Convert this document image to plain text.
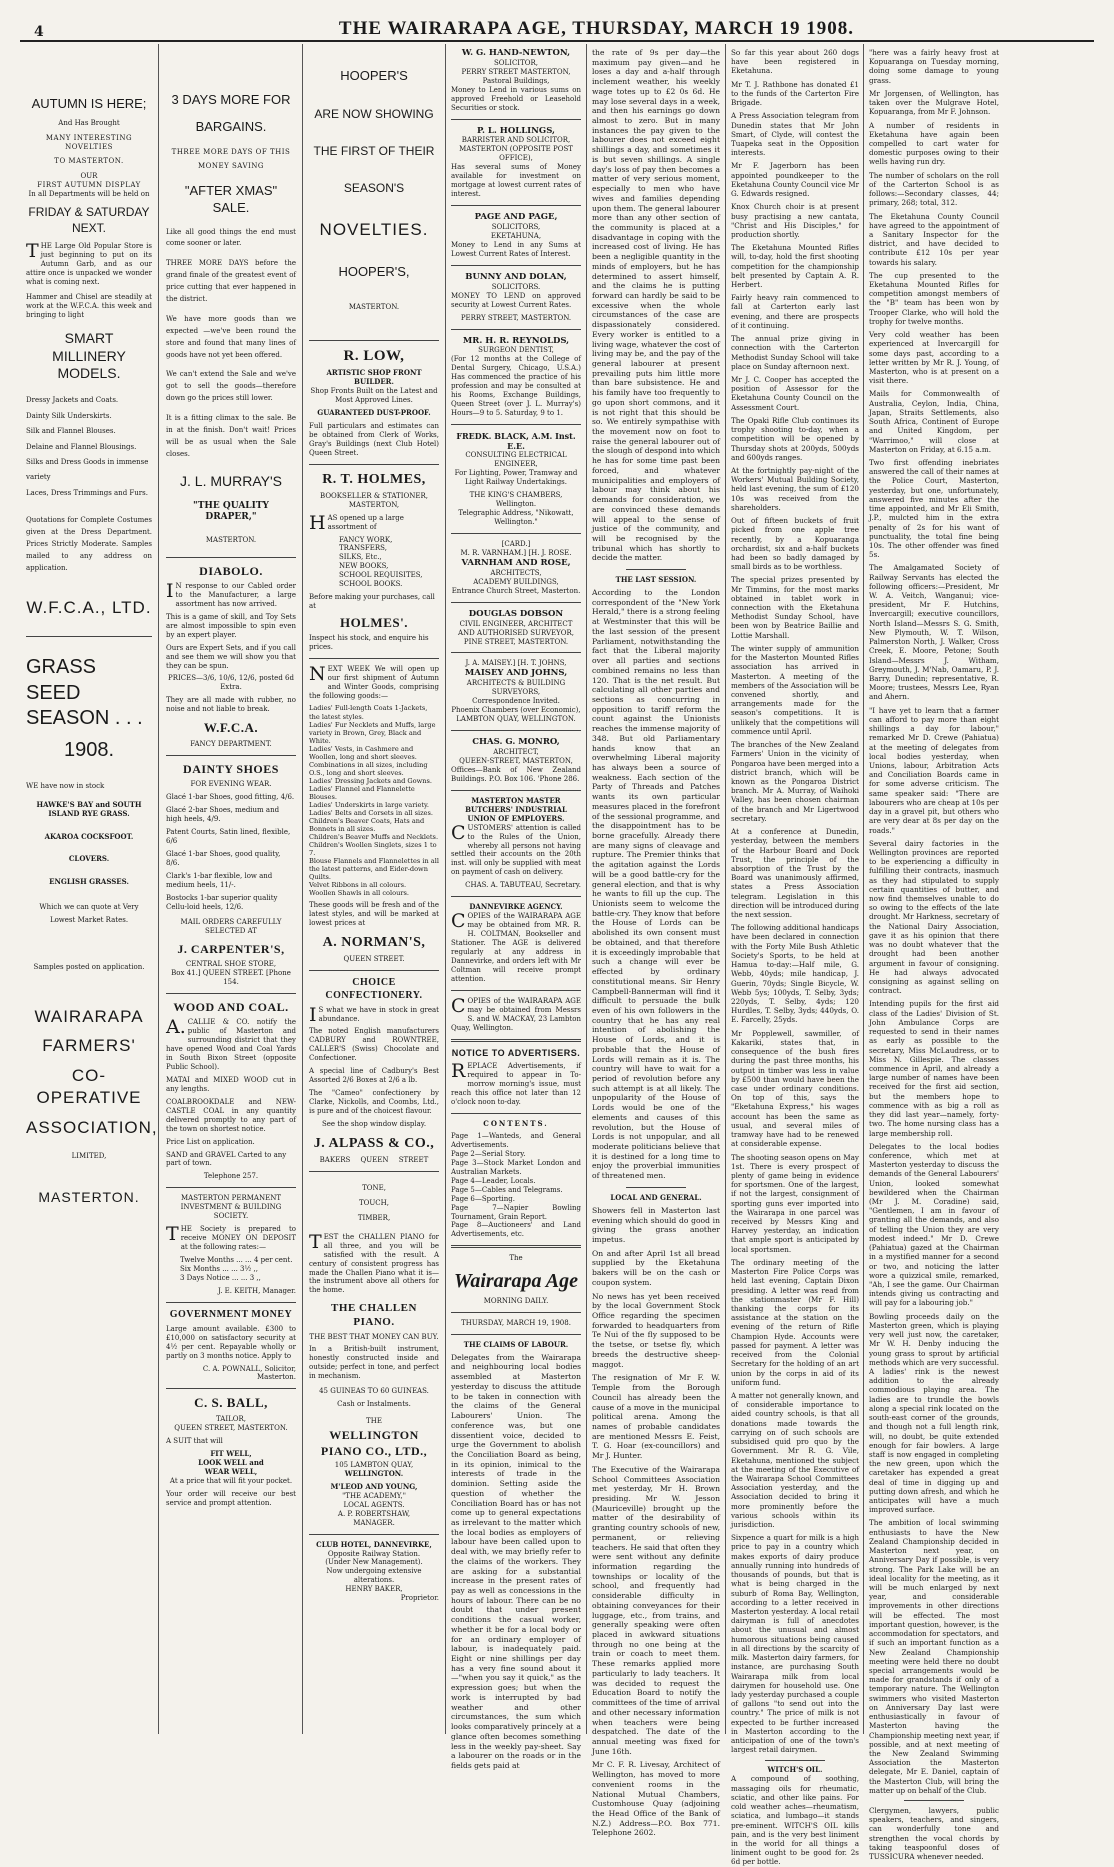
4	THE WAIRARAPA AGE, THURSDAY, MARCH 19 1908.
AUTUMN IS HERE;
And Has Brought
MANY INTERESTING NOVELTIES
TO MASTERTON.
OUR
FIRST AUTUMN DISPLAY
In all Departments will be held on
FRIDAY & SATURDAY NEXT.

THE Large Old Popular Store is just beginning to put on its Autumn Garb, and as our attire once is unpacked we wonder what is coming next.

Hammer and Chisel are steadily at work at the W.F.C.A. this week and bringing to light

SMART MILLINERY MODELS.
Dressy Jackets and Coats.
Dainty Silk Underskirts.
Silk and Flannel Blouses.
Delaine and Flannel Blousings.
Silks and Dress Goods in immense variety
Laces, Dress Trimmings and Furs.

Quotations for Complete Costumes given at the Dress Department. Prices Strictly Moderate. Samples mailed to any address on application.

W.F.C.A., LTD.
GRASS SEED SEASON . . .
1908.

WE have now in stock

HAWKE'S BAY and SOUTH ISLAND RYE GRASS.
AKAROA COCKSFOOT.
CLOVERS.
ENGLISH GRASSES.

Which we can quote at Very Lowest Market Rates.

Samples posted on application.
WAIRARAPA
FARMERS'
CO-OPERATIVE
ASSOCIATION,
LIMITED,
MASTERTON.
3 DAYS MORE FOR
BARGAINS.
THREE MORE DAYS OF THIS MONEY SAVING
"AFTER XMAS" SALE.

Like all good things the end must come sooner or later.

THREE MORE DAYS before the grand finale of the greatest event of price cutting that ever happened in the district.

We have more goods than we expected —we've been round the store and found that many lines of goods have not yet been offered.

We can't extend the Sale and we've got to sell the goods—therefore down go the prices still lower.

It is a fitting climax to the sale. Be in at the finish. Don't wait! Prices will be as usual when the Sale closes.

J. L. MURRAY'S
"THE QUALITY DRAPER,"
MASTERTON.
DIABOLO.

IN response to our Cabled order to the Manufacturer, a large assortment has now arrived.

This is a game of skill, and Toy Sets are almost impossible to spin even by an expert player.

Ours are Expert Sets, and if you call and see them we will show you that they can be spun.

PRICES—3/6, 10/6, 12/6, posted 6d Extra.

They are all made with rubber, no noise and not liable to break.

W.F.C.A.
FANCY DEPARTMENT.
DAINTY SHOES
FOR EVENING WEAR.

Glacé 1-bar Shoes, good fitting, 4/6.

Glacé 2-bar Shoes, medium and high heels, 4/9.

Patent Courts, Satin lined, flexible, 6/6

Glacé 1-bar Shoes, good quality, 8/6.

Clark's 1-bar flexible, low and medium heels, 11/-.

Bostocks 1-bar superior quality Cellu-loid heels, 12/6.

MAIL ORDERS CAREFULLY SELECTED AT
J. CARPENTER'S,
CENTRAL SHOE STORE,
Box 41.] QUEEN STREET. [Phone 154.
WOOD AND COAL.

A.CALLIE & CO. notify the public of Masterton and surrounding district that they have opened Wood and Coal Yards in South Bixon Street (opposite Public School).

MATAI and MIXED WOOD cut in any lengths.

COALBROOKDALE and NEW-CASTLE COAL in any quantity delivered promptly to any part of the town on shortest notice.

Price List on application.

SAND and GRAVEL Carted to any part of town.

Telephone 257.

MASTERTON PERMANENT INVESTMENT & BUILDING SOCIETY.

THE Society is prepared to receive MONEY ON DEPOSIT at the following rates:—

Twelve Months ... ... 4 per cent.
Six Months ... ... 3½ ,,
3 Days Notice ... ... 3 ,,
J. E. KEITH, Manager.
GOVERNMENT MONEY

Large amount available. £300 to £10,000 on satisfactory security at 4½ per cent. Repayable wholly or partly on 3 months notice. Apply to

C. A. POWNALL, Solicitor, Masterton.
C. S. BALL,
TAILOR,
QUEEN STREET, MASTERTON.

A SUIT that will

FIT WELL,
LOOK WELL and
WEAR WELL,

At a price that will fit your pocket.

Your order will receive our best service and prompt attention.

HOOPER'S
ARE NOW SHOWING
THE FIRST OF THEIR
SEASON'S
NOVELTIES.
HOOPER'S,
MASTERTON.
R. LOW,
ARTISTIC SHOP FRONT BUILDER.

Shop Fronts Built on the Latest and Most Approved Lines.

GUARANTEED DUST-PROOF.

Full particulars and estimates can be obtained from Clerk of Works, Gray's Buildings (next Club Hotel) Queen Street.

R. T. HOLMES,
BOOKSELLER & STATIONER,
MASTERTON,

HAS opened up a large assortment of

FANCY WORK,
TRANSFERS,
SILKS, Etc.,
NEW BOOKS,
SCHOOL REQUISITES,
SCHOOL BOOKS.

Before making your purchases, call at

HOLMES'.

Inspect his stock, and enquire his prices.

NEXT WEEK We will open up our first shipment of Autumn and Winter Goods, comprising the following goods:—

Ladies' Full-length Coats 1-Jackets, the latest styles.
Ladies' Fur Necklets and Muffs, large variety in Brown, Grey, Black and White.
Ladies' Vests, in Cashmere and Woollen, long and short sleeves.
Combinations in all sizes, including O.S., long and short sleeves.
Ladies' Dressing Jackets and Gowns.
Ladies' Flannel and Flannelette Blouses.
Ladies' Underskirts in large variety.
Ladies' Belts and Corsets in all sizes.
Children's Beaver Coats, Hats and Bonnets in all sizes.
Children's Beaver Muffs and Necklets.
Children's Woollen Singlets, sizes 1 to 7.
Blouse Flannels and Flannelettes in all the latest patterns, and Eider-down Quilts.
Velvet Ribbons in all colours.
Woollen Shawls in all colours.

These goods will be fresh and of the latest styles, and will be marked at lowest prices at

A. NORMAN'S,
QUEEN STREET.
CHOICE CONFECTIONERY.

IS what we have in stock in great abundance.

The noted English manufacturers CADBURY and ROWNTREE, CALLER'S (Swiss) Chocolate and Confectioner.

A special line of Cadbury's Best Assorted 2/6 Boxes at 2/6 a lb.

The "Cameo" confectionery by Clarke, Nickolls, and Coombs, Ltd., is pure and of the choicest flavour.

See the shop window display.

J. ALPASS & CO.,
BAKERS QUEEN STREET
TONE,
TOUCH,
TIMBER,

TEST the CHALLEN PIANO for all three, and you will be satisfied with the result. A century of consistent progress has made the Challen Piano what it is—the instrument above all others for the home.

THE CHALLEN PIANO.
THE BEST THAT MONEY CAN BUY.

In a British-built instrument, honestly constructed inside and outside; perfect in tone, and perfect in mechanism.

45 GUINEAS TO 60 GUINEAS.
Cash or Instalments.
THE
WELLINGTON PIANO CO., LTD.,
105 LAMBTON QUAY,
WELLINGTON.
M'LEOD AND YOUNG,
"THE ACADEMY,"
LOCAL AGENTS.
A. P. ROBERTSHAW,
MANAGER.
CLUB HOTEL, DANNEVIRKE,
Opposite Railway Station.
(Under New Management).
Now undergoing extensive alterations.
HENRY BAKER,
Proprietor.
W. G. HAND-NEWTON,
SOLICITOR,
PERRY STREET MASTERTON,
Pastoral Buildings,

Money to Lend in various sums on approved Freehold or Leasehold Securities or stock.

P. L. HOLLINGS,
BARRISTER AND SOLICITOR,
MASTERTON (OPPOSITE POST OFFICE),

Has several sums of Money available for investment on mortgage at lowest current rates of interest.

PAGE AND PAGE,
SOLICITORS,
EKETAHUNA,

Money to Lend in any Sums at Lowest Current Rates of Interest.

BUNNY AND DOLAN,
SOLICITORS.

MONEY TO LEND on approved security at Lowest Current Rates.

PERRY STREET, MASTERTON.
MR. H. R. REYNOLDS,
SURGEON DENTIST,

(For 12 months at the College of Dental Surgery, Chicago, U.S.A.) Has commenced the practice of his profession and may be consulted at his Rooms, Exchange Buildings, Queen Street (over J. L. Murray's) Hours—9 to 5. Saturday, 9 to 1.

FREDK. BLACK, A.M. Inst. E.E.
CONSULTING ELECTRICAL ENGINEER,

For Lighting, Power, Tramway and Light Railway Undertakings.

THE KING'S CHAMBERS,
Wellington.

Telegraphic Address, "Nikowatt, Wellington."

[CARD.]
M. R. VARNHAM.] [H. J. ROSE.
VARNHAM AND ROSE,
ARCHITECTS,
ACADEMY BUILDINGS,
Entrance Church Street, Masterton.
DOUGLAS DOBSON
CIVIL ENGINEER, ARCHITECT AND AUTHORISED SURVEYOR,
PINE STREET, MASTERTON.
J. A. MAISEY.] [H. T. JOHNS,
MAISEY AND JOHNS,
ARCHITECTS & BUILDING SURVEYORS,
Correspondence Invited.
Phoenix Chambers (over Economic),
LAMBTON QUAY, WELLINGTON.
CHAS. G. MONRO,
ARCHITECT,
QUEEN-STREET, MASTERTON,

Offices—Bank of New Zealand Buildings. P.O. Box 106. 'Phone 286.

MASTERTON MASTER BUTCHERS' INDUSTRIAL UNION OF EMPLOYERS.

CUSTOMERS' attention is called to the Rules of the Union, whereby all persons not having settled their accounts on the 20th inst. will only be supplied with meat on payment of cash on delivery.

CHAS. A. TABUTEAU, Secretary.
DANNEVIRKE AGENCY.

COPIES of the WAIRARAPA AGE may be obtained from MR. R. H. COLTMAN, Bookseller and Stationer. The AGE is delivered regularly at any address in Dannevirke, and orders left with Mr Coltman will receive prompt attention.

COPIES of the WAIRARAPA AGE may be obtained from Messrs S. and W. MACKAY, 23 Lambton Quay, Wellington.

NOTICE TO ADVERTISERS.

REPLACE Advertisements, if required to appear in To-morrow morning's issue, must reach this office not later than 12 o'clock noon to-day.

CONTENTS.
Page 1—Wanteds, and General Advertisements.
Page 2—Serial Story.
Page 3—Stock Market London and Australian Markets.
Page 4—Leader, Locals.
Page 5—Cables and Telegrams.
Page 6—Sporting.
Page 7—Napier Bowling Tournament, Grain Report.
Page 8—Auctioneers' and Land Advertisements, etc.
The
Wairarapa Age
MORNING DAILY.
THURSDAY, MARCH 19, 1908.
THE CLAIMS OF LABOUR.

Delegates from the Wairarapa and neighbouring local bodies assembled at Masterton yesterday to discuss the attitude to be taken in connection with the claims of the General Labourers' Union. The conference was, but one dissentient voice, decided to urge the Government to abolish the Conciliation Board as being, in its opinion, inimical to the interests of trade in the dominion. Setting aside the question of whether the Conciliation Board has or has not come up to general expectations as irrelevant to the matter which the local bodies as employers of labour have been called upon to deal with, we may briefly refer to the claims of the workers. They are asking for a substantial increase in the present rates of pay as well as concessions in the hours of labour. There can be no doubt that under present conditions the casual worker, whether it be for a local body or for an ordinary employer of labour, is inadequately paid. Eight or nine shillings per day has a very fine sound about it—"when you say it quick," as the expression goes; but when the work is interrupted by bad weather and other circumstances, the sum which looks comparatively princely at a glance often becomes something less in the weekly pay-sheet. Say a labourer on the roads or in the fields gets paid at

the rate of 9s per day—the maximum pay given—and he loses a day and a-half through inclement weather, his weekly wage totes up to £2 0s 6d. He may lose several days in a week, and then his earnings go down almost to zero. But in many instances the pay given to the labourer does not exceed eight shillings a day, and sometimes it is but seven shillings. A single day's loss of pay then becomes a matter of very serious moment, especially to men who have wives and families depending upon them. The general labourer more than any other section of the community is placed at a disadvantage in coping with the increased cost of living. He has been a negligible quantity in the minds of employers, but he has determined to assert himself, and the claims he is putting forward can hardly be said to be excessive when the whole circumstances of the case are dispassionately considered. Every worker is entitled to a living wage, whatever the cost of living may be, and the pay of the general labourer at present prevailing puts him little more than bare subsistence. He and his family have too frequently to go upon short commons, and it is not right that this should be so. We entirely sympathise with the movement now on foot to raise the general labourer out of the slough of despond into which he has for some time past been forced, and whatever municipalities and employers of labour may think about his demands for consideration, we are convinced these demands will appeal to the sense of justice of the community, and will be recognised by the tribunal which has shortly to decide the matter.

THE LAST SESSION.

According to the London correspondent of the "New York Herald," there is a strong feeling at Westminster that this will be the last session of the present Parliament, notwithstanding the fact that the Liberal majority over all parties and sections combined remains no less than 120. That is the net result. But calculating all other parties and sections as concurring in opposition to tariff reform the count against the Unionists reaches the immense majority of 348. But old Parliamentary hands know that an overwhelming Liberal majority has always been a source of weakness. Each section of the Party of Threads and Patches wants its own particular measures placed in the forefront of the sessional programme, and the disappointment has to be borne gracefully. Already there are many signs of cleavage and rupture. The Premier thinks that the agitation against the Lords will be a good battle-cry for the general election, and that is why he wants to fill up the cup. The Unionists seem to welcome the battle-cry. They know that before the House of Lords can be abolished its own consent must be obtained, and that therefore it is exceedingly improbable that such a change will ever be effected by ordinary constitutional means. Sir Henry Campbell-Bannerman will find it difficult to persuade the bulk even of his own followers in the country that he has any real intention of abolishing the House of Lords, and it is probable that the House of Lords will remain as it is. The country will have to wait for a period of revolution before any such attempt is at all likely. The unpopularity of the House of Lords would be one of the elements and causes of this revolution, but the House of Lords is not unpopular, and all moderate politicians believe that it is destined for a long time to enjoy the proverbial immunities of threatened men.

LOCAL AND GENERAL.

Showers fell in Masterton last evening which should do good in giving the grass another impetus.

On and after April 1st all bread supplied by the Eketahuna bakers will be on the cash or coupon system.

No news has yet been received by the local Government Stock Office regarding the specimen forwarded to headquarters from Te Nui of the fly supposed to be the tsetse, or tsetse fly, which breeds the destructive sheep-maggot.

The resignation of Mr F. W. Temple from the Borough Council has already been the cause of a move in the municipal political arena. Among the names of probable candidates are mentioned Messrs E. Feist, T. G. Hoar (ex-councillors) and Mr J. Hunter.

The Executive of the Wairarapa School Committees Association met yesterday, Mr H. Brown presiding. Mr W. Jesson (Mauriceville) brought up the matter of the desirability of granting country schools of new, permanent, or relieving teachers. He said that often they were sent without any definite information regarding the townships or locality of the school, and frequently had considerable difficulty in obtaining conveyances for their luggage, etc., from trains, and generally speaking were often placed in awkward situations through no one being at the train or coach to meet them. These remarks applied more particularly to lady teachers. It was decided to request the Education Board to notify the committees of the time of arrival and other necessary information when teachers were being despatched. The date of the annual meeting was fixed for June 16th.

Mr C. F. R. Livesay, Architect of Wellington, has moved to more convenient rooms in the National Mutual Chambers, Customhouse Quay (adjoining the Head Office of the Bank of N.Z.) Address—P.O. Box 771. Telephone 2602.

So far this year about 260 dogs have been registered in Eketahuna.

Mr T. J. Rathbone has donated £1 to the funds of the Carterton Fire Brigade.

A Press Association telegram from Dunedin states that Mr John Smart, of Clyde, will contest the Tuapeka seat in the Opposition interests.

Mr F. Jagerborn has been appointed poundkeeper to the Eketahuna County Council vice Mr G. Edwards resigned.

Knox Church choir is at present busy practising a new cantata, "Christ and His Disciples," for production shortly.

The Eketahuna Mounted Rifles will, to-day, hold the first shooting competition for the championship belt presented by Captain A. R. Herbert.

Fairly heavy rain commenced to fall at Carterton early last evening, and there are prospects of it continuing.

The annual prize giving in connection with the Carterton Methodist Sunday School will take place on Sunday afternoon next.

Mr J. C. Cooper has accepted the position of Assessor for the Eketahuna County Council on the Assessment Court.

The Opaki Rifle Club continues its trophy shooting to-day, when a competition will be opened by Thursday shots at 200yds, 500yds and 600yds ranges.

At the fortnightly pay-night of the Workers' Mutual Building Society, held last evening, the sum of £120 10s was received from the shareholders.

Out of fifteen buckets of fruit picked from one apple tree recently, by a Kopuaranga orchardist, six and a-half buckets had been so badly damaged by small birds as to be worthless.

The special prizes presented by Mr Timmins, for the most marks obtained in tablet work in connection with the Eketahuna Methodist Sunday School, have been won by Beatrice Baillie and Lottie Marshall.

The winter supply of ammunition for the Masterton Mounted Rifles association has arrived in Masterton. A meeting of the members of the Association will be convened shortly, and arrangements made for the season's competitions. It is unlikely that the competitions will commence until April.

The branches of the New Zealand Farmers' Union in the vicinity of Pongaroa have been merged into a district branch, which will be known as the Pongaroa District branch. Mr A. Murray, of Waihoki Valley, has been chosen chairman of the branch and Mr Ligertwood secretary.

At a conference at Dunedin, yesterday, between the members of the Harbour Board and Dock Trust, the principle of the absorption of the Trust by the Board was unanimously affirmed, states a Press Association telegram. Legislation in this direction will be introduced during the next session.

The following additional handicaps have been declared in connection with the Forty Mile Bush Athletic Society's Sports, to be held at Hamua to-day:—Half mile, G. Webb, 40yds; mile handicap, J. Guerin, 70yds; Single Bicycle, W. Webb 5ys; 100yds, T. Selby, 3yds; 220yds, T. Selby, 4yds; 120 Hurdles, T. Selby, 3yds; 440yds, O. E. Farcelly, 25yds.

Mr Popplewell, sawmiller, of Kakariki, states that, in consequence of the bush fires during the past three months, his output in timber was less in value by £500 than would have been the case under ordinary conditions. On top of this, says the "Eketahuna Express," his wages account has been the same as usual, and several miles of tramway have had to be renewed at considerable expense.

The shooting season opens on May 1st. There is every prospect of plenty of game being in evidence for sportsmen. One of the largest, if not the largest, consignment of sporting guns ever imported into the Wairarapa in one parcel was received by Messrs King and Harvey yesterday, an indication that ample sport is anticipated by local sportsmen.

The ordinary meeting of the Masterton Fire Police Corps was held last evening, Captain Dixon presiding. A letter was read from the stationmaster (Mr F. Hill) thanking the corps for its assistance at the station on the evening of the return of Rifle Champion Hyde. Accounts were passed for payment. A letter was received from the Colonial Secretary for the holding of an art union by the corps in aid of its uniform fund.

A matter not generally known, and of considerable importance to aided country schools, is that all donations made towards the carrying on of such schools are subsidised quid pro quo by the Government. Mr R. G. Vile, Eketahuna, mentioned the subject at the meeting of the Executive of the Wairarapa School Committees Association yesterday, and the Association decided to bring it more prominently before the various schools within its jurisdiction.

Sixpence a quart for milk is a high price to pay in a country which makes exports of dairy produce annually running into hundreds of thousands of pounds, but that is what is being charged in the suburb of Roma Bay, Wellington, according to a letter received in Masterton yesterday. A local retail dairyman is full of anecdotes about the unusual and almost humorous situations being caused in all directions by the scarcity of milk. Masterton dairy farmers, for instance, are purchasing South Wairarapa milk from local dairymen for household use. One lady yesterday purchased a couple of gallons "to send out into the country." The price of milk is not expected to be further increased in Masterton according to the anticipation of one of the town's largest retail dairymen.

WITCH'S OIL.

A compound of soothing, massaging oils for rheumatic, sciatic, and other like pains. For cold weather aches—rheumatism, sciatica, and lumbago—it stands pre-eminent. WITCH'S OIL kills pain, and is the very best liniment in the world for all things a liniment ought to be good for. 2s 6d per bottle.

"here was a fairly heavy frost at Kopuaranga on Tuesday morning, doing some damage to young grass.

Mr Jorgensen, of Wellington, has taken over the Mulgrave Hotel, Kopuaranga, from Mr F. Johnson.

A number of residents in Eketahuna have again been compelled to cart water for domestic purposes owing to their wells having run dry.

The number of scholars on the roll of the Carterton School is as follows:—Secondary classes, 44; primary, 268; total, 312.

The Eketahuna County Council have agreed to the appointment of a Sanitary Inspector for the district, and have decided to contribute £12 10s per year towards his salary.

The cup presented to the Eketahuna Mounted Rifles for competition amongst members of the "B" team has been won by Trooper Clarke, who will hold the trophy for twelve months.

Very cold weather has been experienced at Invercargill for some days past, according to a letter written by Mr R. J. Young, of Masterton, who is at present on a visit there.

Mails for Commonwealth of Australia, Ceylon, India, China, Japan, Straits Settlements, also South Africa, Continent of Europe and United Kingdom, per "Warrimoo," will close at Masterton on Friday, at 6.15 a.m.

Two first offending inebriates answered the call of their names at the Police Court, Masterton, yesterday, but one, unfortunately, answered five minutes after the time appointed, and Mr Eli Smith, J.P., mulcted him in the extra penalty of 2s for his want of punctuality, the total fine being 10s. The other offender was fined 5s.

The Amalgamated Society of Railway Servants has elected the following officers:—President, Mr W. A. Veitch, Wanganui; vice-president, Mr F. Hutchins, Invercargill; executive councillors, North Island—Messrs S. G. Smith, New Plymouth, W. T. Wilson, Palmerston North, J. Walker, Cross Creek, E. Moore, Petone; South Island—Messrs J. Witham, Greymouth, J. M'Nab, Oamaru, P. J. Barry, Dunedin; representative, R. Moore; trustees, Messrs Lee, Ryan and Ahern.

"I have yet to learn that a farmer can afford to pay more than eight shillings a day for labour," remarked Mr D. Crewe (Pahiatua) at the meeting of delegates from local bodies yesterday, when Unions, labour, Arbitration Acts and Conciliation Boards came in for some adverse criticism. The same speaker said: "There are labourers who are cheap at 10s per day in a gravel pit, but others who are very dear at 8s per day on the roads."

Several dairy factories in the Wellington provinces are reported to be experiencing a difficulty in fulfilling their contracts, inasmuch as they had stipulated to supply certain quantities of butter, and now find themselves unable to do so owing to the effects of the late drought. Mr Harkness, secretary of the National Dairy Association, gave it as his opinion that there was no doubt whatever that the drought had been another argument in favour of consigning. He had always advocated consigning as against selling on contract.

Intending pupils for the first aid class of the Ladies' Division of St. John Ambulance Corps are requested to send in their names as early as possible to the secretary, Miss McLaudress, or to Miss N. Gillespie. The classes commence in April, and already a large number of names have been received for the first aid section, but the members hope to commence with as big a roll as they did last year—namely, forty-two. The home nursing class has a large membership roll.

Delegates to the local bodies conference, which met at Masterton yesterday to discuss the demands of the General Labourers' Union, looked somewhat bewildered when the Chairman (Mr J. M. Coradine) said, "Gentlemen, I am in favour of granting all the demands, and also of telling the Union they are very modest indeed." Mr D. Crewe (Pahiatua) gazed at the Chairman in a mystified manner for a second or two, and noticing the latter wore a quizzical smile, remarked, "Ah, I see the game. Our Chairman intends giving us contracting and will pay for a labouring job."

Bowling proceeds daily on the Masterton green, which is playing very well just now, the caretaker, Mr W. H. Denby inducing the young grass to sprout by artificial methods which are very successful. A ladies' rink is the newest addition to the already commodious playing area. The ladies are to trundle the bowls along a special rink located on the south-east corner of the grounds, and though not a full length rink, will, no doubt, be quite extended enough for fair bowlers. A large staff is now engaged in completing the new green, upon which the caretaker has expended a great deal of time in digging up and putting down afresh, and which he anticipates will have a much improved surface.

The ambition of local swimming enthusiasts to have the New Zealand Championship decided in Masterton next year, on Anniversary Day if possible, is very strong. The Park Lake will be an ideal locality for the meeting, as it will be much enlarged by next year, and considerable improvements in other directions will be effected. The most important question, however, is the accommodation for spectators, and if such an important function as a New Zealand Championship meeting were held there no doubt special arrangements would be made for grandstands if only of a temporary nature. The Wellington swimmers who visited Masterton on Anniversary Day last were enthusiastically in favour of Masterton having the Championship meeting next year, if possible, and at next meeting of the New Zealand Swimming Association the Masterton delegate, Mr E. Daniel, captain of the Masterton Club, will bring the matter up on behalf of the Club.

Clergymen, lawyers, public speakers, teachers, and singers, can wonderfully tone and strengthen the vocal chords by taking teaspoonful doses of TUSSICURA whenever needed.
